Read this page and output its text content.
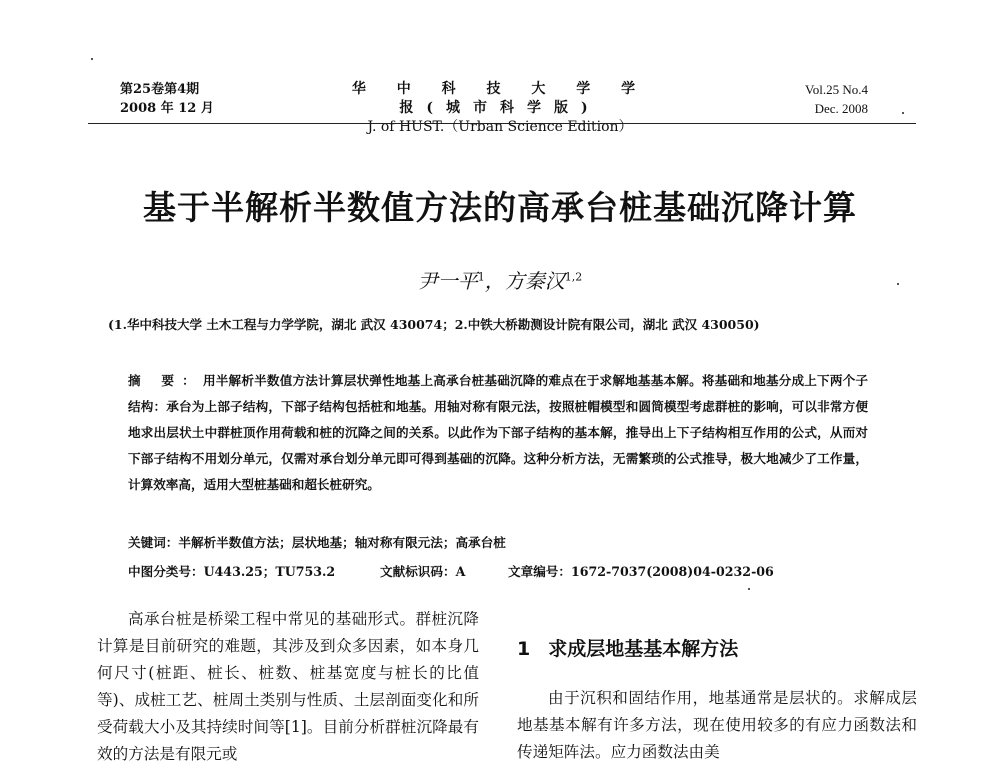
第25卷第4期
2008 年 12 月
华 中 科 技 大 学 学 报(城市科学版)
J. of HUST.（Urban Science Edition）
Vol.25 No.4
Dec. 2008
基于半解析半数值方法的高承台桩基础沉降计算
尹一平$^1$，方秦汉$^{1,2}$
(1.华中科技大学 土木工程与力学学院，湖北 武汉 430074；2.中铁大桥勘测设计院有限公司，湖北 武汉 430050)
摘 要：用半解析半数值方法计算层状弹性地基上高承台桩基础沉降的难点在于求解地基基本解。将基础和地基分成上下两个子结构：承台为上部子结构，下部子结构包括桩和地基。用轴对称有限元法，按照桩帽模型和圆筒模型考虑群桩的影响，可以非常方便地求出层状土中群桩顶作用荷载和桩的沉降之间的关系。以此作为下部子结构的基本解，推导出上下子结构相互作用的公式，从而对下部子结构不用划分单元，仅需对承台划分单元即可得到基础的沉降。这种分析方法，无需繁琐的公式推导，极大地减少了工作量，计算效率高，适用大型桩基础和超长桩研究。
关键词：半解析半数值方法；层状地基；轴对称有限元法；高承台桩
中图分类号：U443.25；TU753.2	文献标识码：A	文章编号：1672-7037(2008)04-0232-06

高承台桩是桥梁工程中常见的基础形式。群桩沉降计算是目前研究的难题，其涉及到众多因素，如本身几何尺寸(桩距、桩长、桩数、桩基宽度与桩长的比值等)、成桩工艺、桩周土类别与性质、土层剖面变化和所受荷载大小及其持续时间等[1]。目前分析群桩沉降最有效的方法是有限元或

1 求成层地基基本解方法

由于沉积和固结作用，地基通常是层状的。求解成层地基基本解有许多方法，现在使用较多的有应力函数法和传递矩阵法。应力函数法由美
